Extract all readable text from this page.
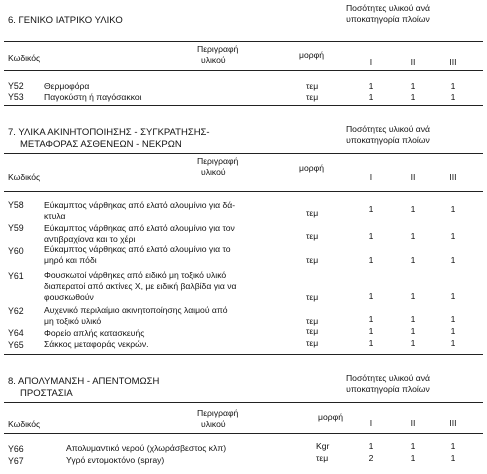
6. ΓΕΝΙΚΟ ΙΑΤΡΙΚΟ ΥΛΙΚΟ
Ποσότητες υλικού ανά
υποκατηγορία πλοίων
Περιγραφή
υλικού
Κωδικός	μορφή
Ι	ΙΙ	ΙΙΙ
Υ52 Θερμοφόρα	τεμ	1	1	1
Υ53 Παγοκύστη ή παγόσακκοι	τεμ	1	1	1
7. ΥΛΙΚΑ ΑΚΙΝΗΤΟΠΟΙΗΣΗΣ - ΣΥΓΚΡΑΤΗΣΗΣ-
ΜΕΤΑΦΟΡΑΣ ΑΣΘΕΝΕΩΝ - ΝΕΚΡΩΝ
Ποσότητες υλικού ανά
υποκατηγορία πλοίων
Περιγραφή
υλικού
Κωδικός
μορφή
Ι	ΙΙ	ΙΙΙ
Υ58 Εύκαμπτος νάρθηκας από ελατό αλουμίνιο για δά-
κτυλα	τεμ	1	1	1
Υ59 Εύκαμπτος νάρθηκας από ελατό αλουμίνιο για τον
αντιβραχίονα και το χέρι	τεμ	1	1	1
Υ60 Εύκαμπτος νάρθηκας από ελατό αλουμίνιο για το
μηρό και πόδι	τεμ	1	1	1
Υ61 Φουσκωτοί νάρθηκες από ειδικό μη τοξικό υλικό
διαπερατοί από ακτίνες Χ, με ειδική βαλβίδα για να
φουσκωθούν	τεμ	1	1	1
Υ62 Αυχενικό περιλαίμιο ακινητοποίησης λαιμού από
μη τοξικό υλικό	τεμ	1	1	1
Υ64 Φορείο απλής κατασκευής	τεμ	1	1	1
Υ65 Σάκκος μεταφοράς νεκρών.	τεμ	1	1	1
8. ΑΠΟΛΥΜΑΝΣΗ - ΑΠΕΝΤΟΜΩΣΗ
ΠΡΟΣΤΑΣΙΑ
Ποσότητες υλικού ανά
υποκατηγορία πλοίων
Περιγραφή
υλικού
Κωδικός
μορφή
Ι	ΙΙ	ΙΙΙ
Υ66	Απολυμαντικό νερού (χλωράσβεστος κλπ)	Kgr	1	1	1
Υ67	Υγρό εντομοκτόνο (spray)	τεμ	2	1	1
